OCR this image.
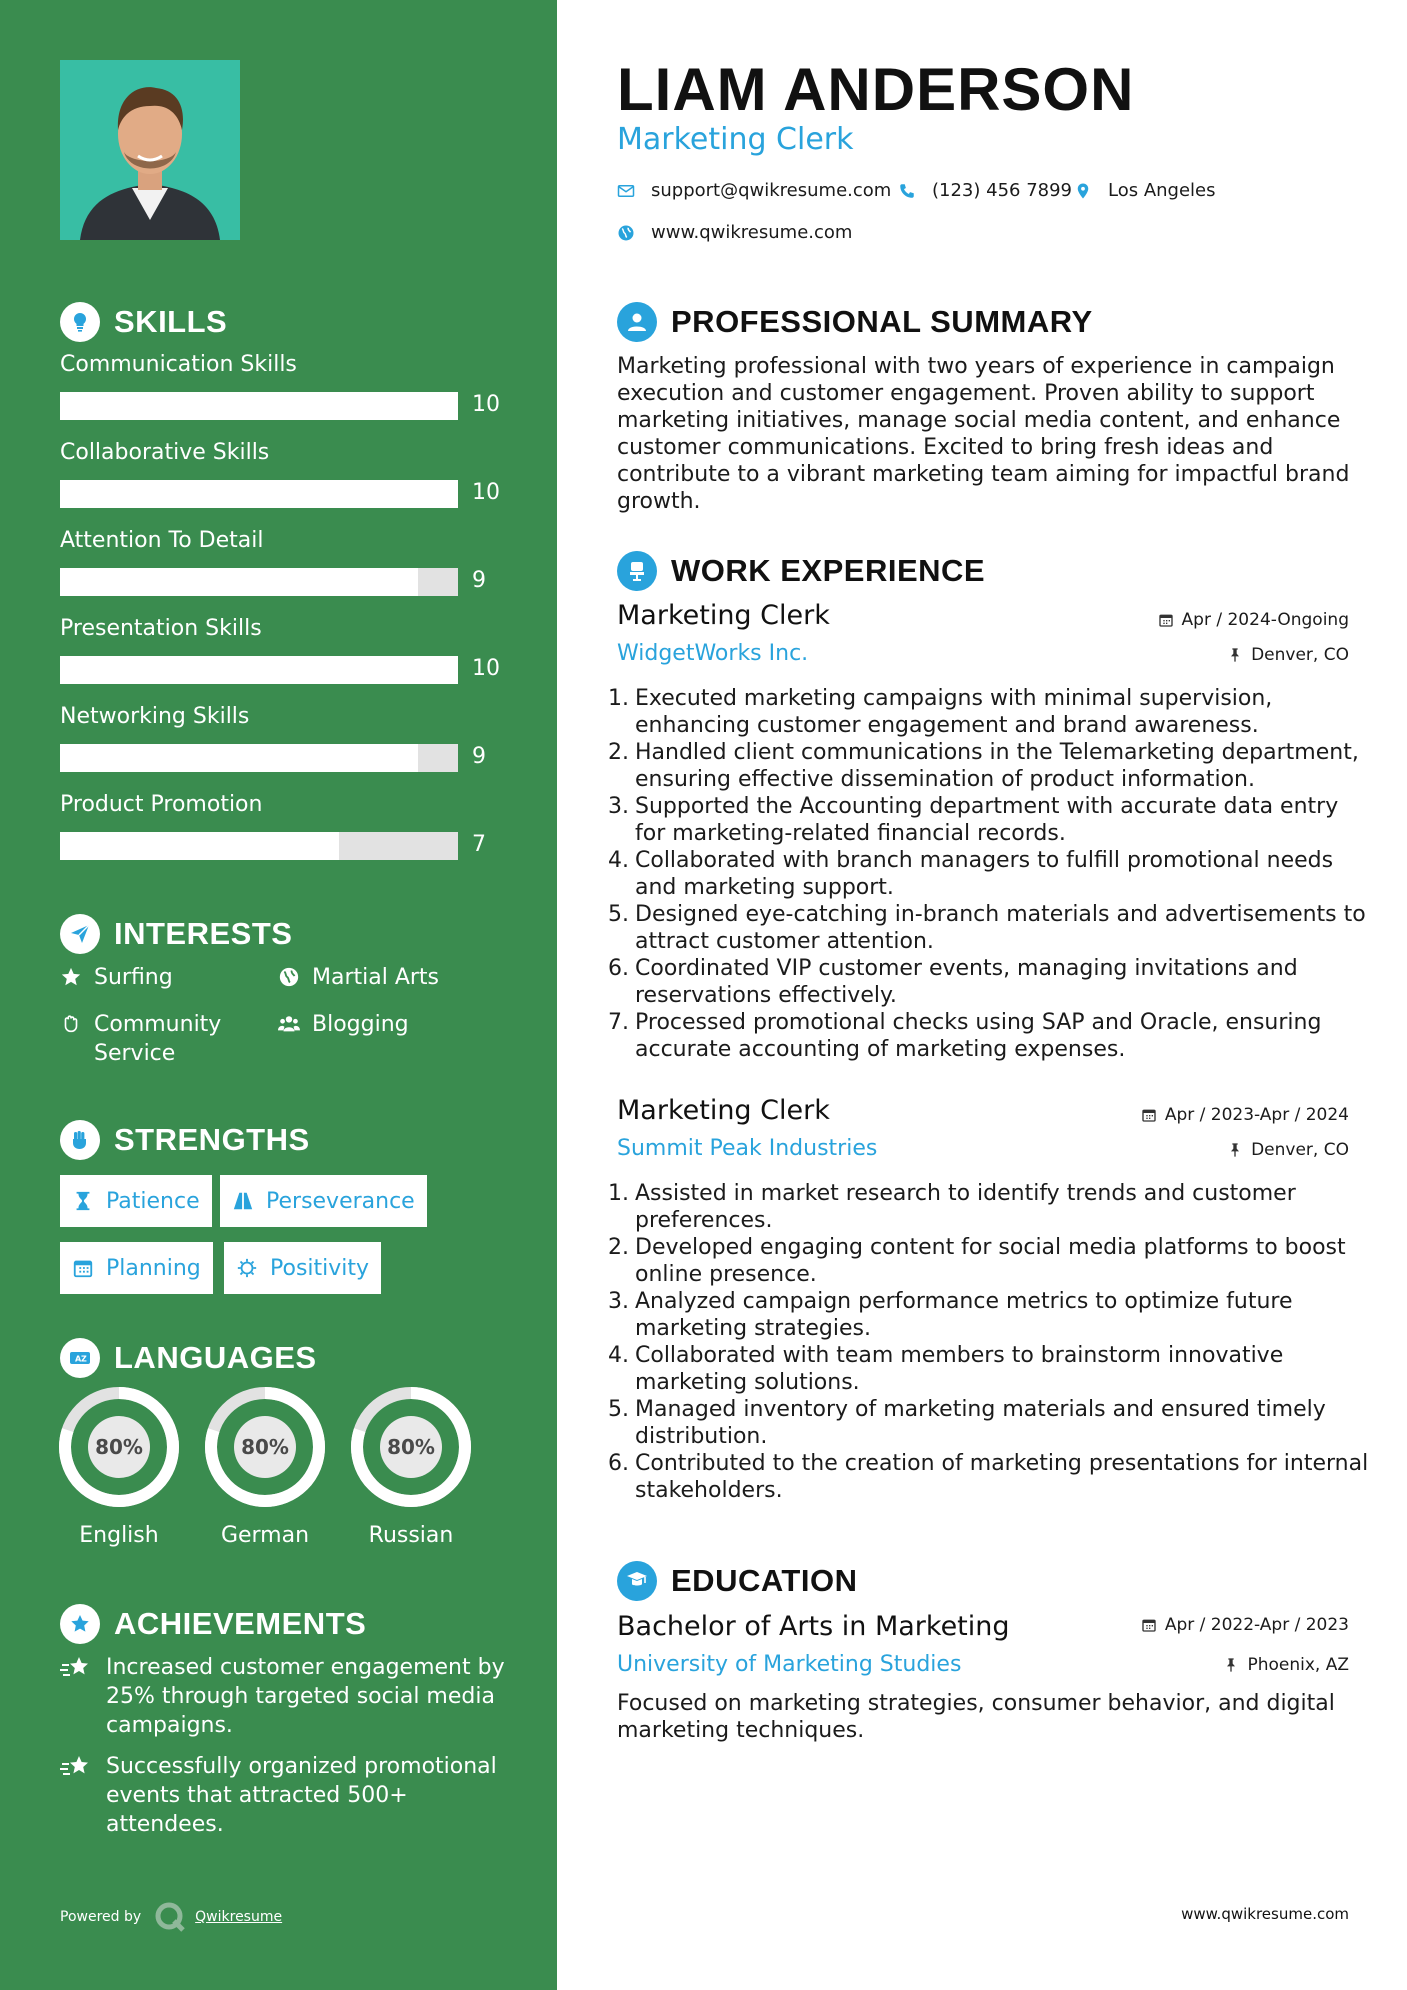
SKILLS
Communication Skills
10
Collaborative Skills
10
Attention To Detail
9
Presentation Skills
10
Networking Skills
9
Product Promotion
7
INTERESTS
Surfing	Martial Arts
Community Service
Blogging
STRENGTHS
Patience	Perseverance
Planning	Positivity
A Z LANGUAGES
80%
English
80%
German
80%
Russian
ACHIEVEMENTS
Increased customer engagement by 25% through targeted social media campaigns.
Successfully organized promotional events that attracted 500+ attendees.
Powered by	Qwikresume
LIAM ANDERSON
Marketing Clerk
support@qwikresume.com (123) 456 7899 Los Angeles
www.qwikresume.com
PROFESSIONAL SUMMARY
Marketing professional with two years of experience in campaign execution and customer engagement. Proven ability to support marketing initiatives, manage social media content, and enhance customer communications. Excited to bring fresh ideas and contribute to a vibrant marketing team aiming for impactful brand growth.
WORK EXPERIENCE
Marketing Clerk	Apr / 2024-Ongoing
WidgetWorks Inc.	Denver, CO
1. Executed marketing campaigns with minimal supervision, enhancing customer engagement and brand awareness.
2. Handled client communications in the Telemarketing department, ensuring effective dissemination of product information.
3. Supported the Accounting department with accurate data entry for marketing-related financial records.
4. Collaborated with branch managers to fulfill promotional needs and marketing support.
5. Designed eye-catching in-branch materials and advertisements to attract customer attention.
6. Coordinated VIP customer events, managing invitations and reservations effectively.
7. Processed promotional checks using SAP and Oracle, ensuring accurate accounting of marketing expenses.
Marketing Clerk	Apr / 2023-Apr / 2024
Summit Peak Industries	Denver, CO
1. Assisted in market research to identify trends and customer preferences.
2. Developed engaging content for social media platforms to boost online presence.
3. Analyzed campaign performance metrics to optimize future marketing strategies.
4. Collaborated with team members to brainstorm innovative marketing solutions.
5. Managed inventory of marketing materials and ensured timely distribution.
6. Contributed to the creation of marketing presentations for internal stakeholders.
EDUCATION
Bachelor of Arts in Marketing	Apr / 2022-Apr / 2023
University of Marketing Studies	Phoenix, AZ
Focused on marketing strategies, consumer behavior, and digital marketing techniques.
www.qwikresume.com
